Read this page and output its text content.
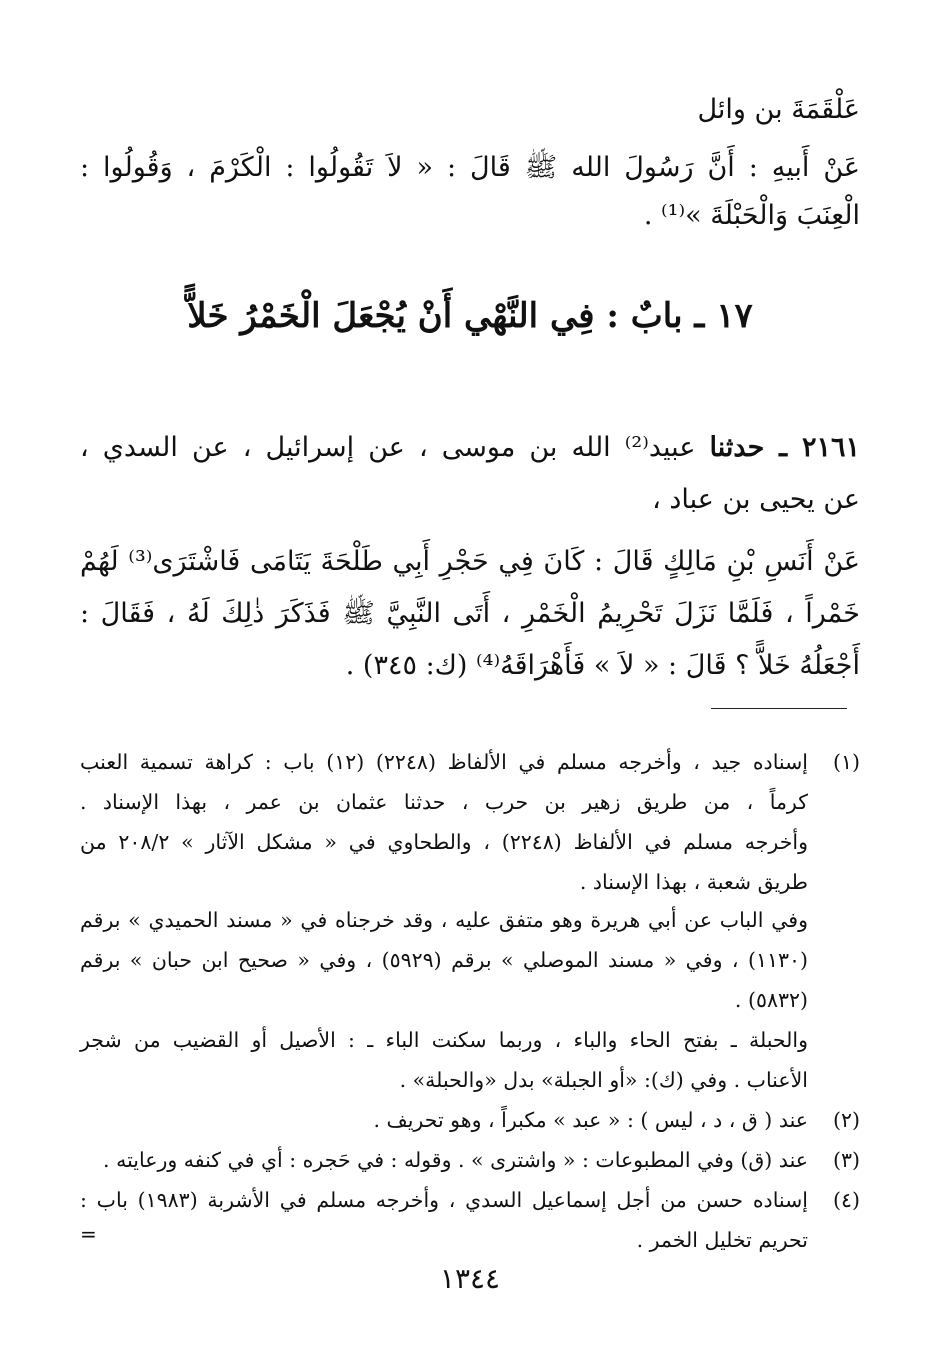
عَلْقَمَةَ بن وائل
عَنْ أَبيهِ : أَنَّ رَسُولَ الله ﷺ قَالَ : « لاَ تَقُولُوا : الْكَرْمَ ، وَقُولُوا :
الْعِنَبَ وَالْحَبْلَةَ »⁽¹⁾ .
١٧ ـ بابٌ : فِي النَّهْي أَنْ يُجْعَلَ الْخَمْرُ خَلاًّ
٢١٦١ ـ حدثنا عبيد⁽²⁾ الله بن موسى ، عن إسرائيل ، عن السدي ،
عن يحيى بن عباد ،
عَنْ أَنَسِ بْنِ مَالِكٍ قَالَ : كَانَ فِي حَجْرِ أَبِي طَلْحَةَ يَتَامَى فَاشْتَرَى⁽³⁾ لَهُمْ
خَمْراً ، فَلَمَّا نَزَلَ تَحْرِيمُ الْخَمْرِ ، أَتَى النَّبِيَّ ﷺ فَذَكَرَ ذٰلِكَ لَهُ ، فَقَالَ :
أَجْعَلُهُ خَلاًّ ؟ قَالَ : « لاَ » فَأَهْرَاقَهُ⁽⁴⁾ (ك: ٣٤٥) .
(١)
إسناده جيد ، وأخرجه مسلم في الألفاظ (٢٢٤٨) (١٢) باب : كراهة تسمية العنب
كرماً ، من طريق زهير بن حرب ، حدثنا عثمان بن عمر ، بهذا الإسناد .
وأخرجه مسلم في الألفاظ (٢٢٤٨) ، والطحاوي في « مشكل الآثار » ٢٠٨/٢ من
طريق شعبة ، بهذا الإسناد .
وفي الباب عن أبي هريرة وهو متفق عليه ، وقد خرجناه في « مسند الحميدي » برقم
(١١٣٠) ، وفي « مسند الموصلي » برقم (٥٩٢٩) ، وفي « صحيح ابن حبان » برقم
(٥٨٣٢) .
والحبلة ـ بفتح الحاء والباء ، وربما سكنت الباء ـ : الأصيل أو القضيب من شجر
الأعناب . وفي (ك): «أو الجبلة» بدل «والحبلة» .
(٢)
عند ( ق ، د ، ليس ) : « عبد » مكبراً ، وهو تحريف .
(٣)
عند (ق) وفي المطبوعات : « واشترى » . وقوله : في حَجره : أي في كنفه ورعايته .
(٤)
إسناده حسن من أجل إسماعيل السدي ، وأخرجه مسلم في الأشربة (١٩٨٣) باب :
تحريم تخليل الخمر .
=
١٣٤٤
